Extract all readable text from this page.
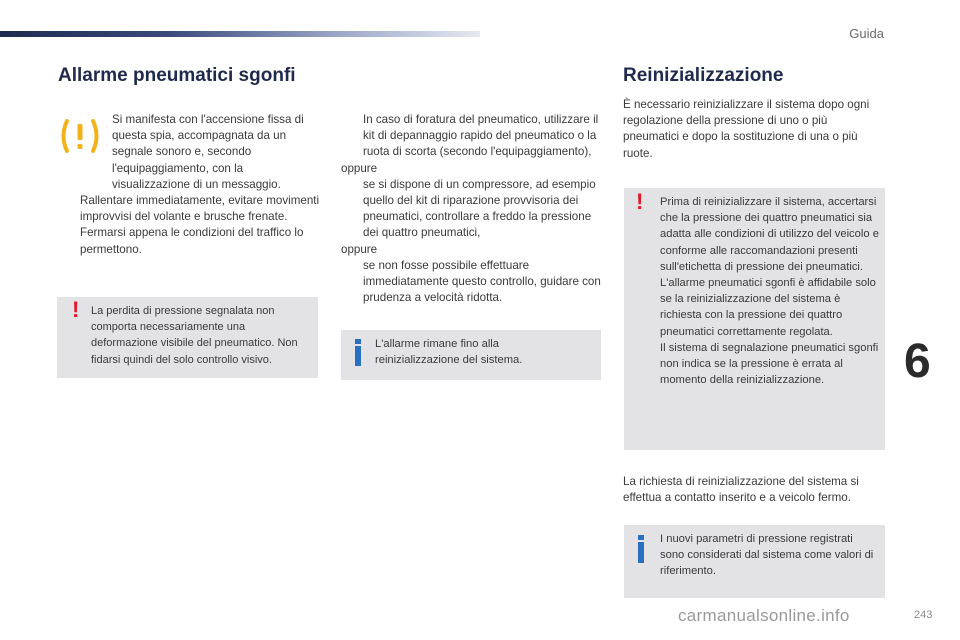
Guida
Allarme pneumatici sgonfi

Si manifesta con l'accensione fissa di questa spia, accompagnata da un segnale sonoro e, secondo l'equipaggiamento, con la visualizzazione di un messaggio.

Rallentare immediatamente, evitare movimenti improvvisi del volante e brusche frenate.
Fermarsi appena le condizioni del traffico lo permettono.
! La perdita di pressione segnalata non comporta necessariamente una deformazione visibile del pneumatico. Non fidarsi quindi del solo controllo visivo.

In caso di foratura del pneumatico, utilizzare il kit di depannaggio rapido del pneumatico o la ruota di scorta (secondo l'equipaggiamento),

oppure

se si dispone di un compressore, ad esempio quello del kit di riparazione provvisoria dei pneumatici, controllare a freddo la pressione dei quattro pneumatici,

oppure

se non fosse possibile effettuare immediatamente questo controllo, guidare con prudenza a velocità ridotta.

L'allarme rimane fino alla reinizializzazione del sistema.

Reinizializzazione

È necessario reinizializzare il sistema dopo ogni regolazione della pressione di uno o più pneumatici e dopo la sostituzione di una o più ruote.

! Prima di reinizializzare il sistema, accertarsi che la pressione dei quattro pneumatici sia adatta alle condizioni di utilizzo del veicolo e conforme alle raccomandazioni presenti sull'etichetta di pressione dei pneumatici.

L'allarme pneumatici sgonfi è affidabile solo se la reinizializzazione del sistema è richiesta con la pressione dei quattro pneumatici correttamente regolata.

Il sistema di segnalazione pneumatici sgonfi non indica se la pressione è errata al momento della reinizializzazione.

La richiesta di reinizializzazione del sistema si effettua a contatto inserito e a veicolo fermo.

I nuovi parametri di pressione registrati sono considerati dal sistema come valori di riferimento.

6
carmanualsonline.info	243
